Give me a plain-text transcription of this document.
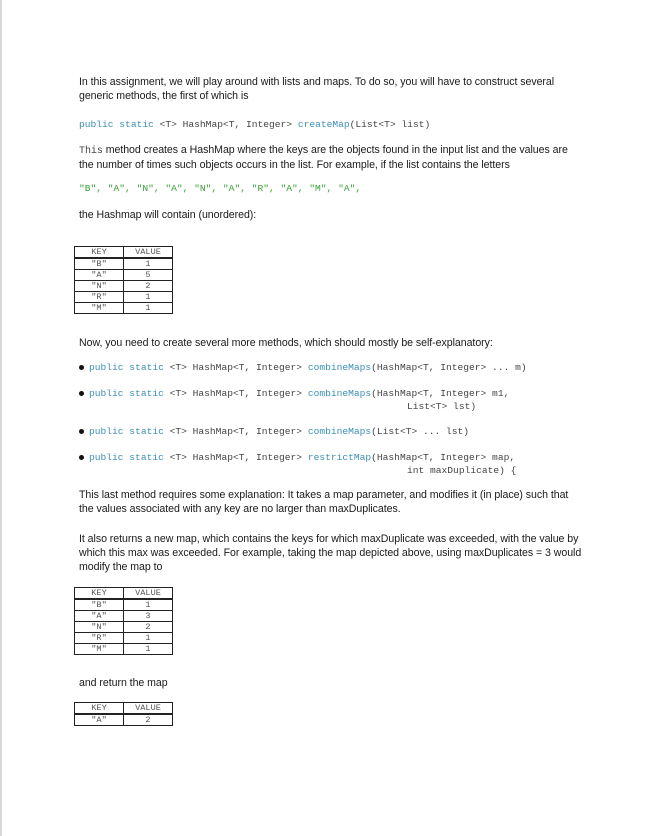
In this assignment, we will play around with lists and maps. To do so, you will have to construct several generic methods, the first of which is
public static <T> HashMap<T, Integer> createMap(List<T> list)
This method creates a HashMap where the keys are the objects found in the input list and the values are the number of times such objects occurs in the list. For example, if the list contains the letters
"B", "A", "N", "A", "N", "A", "R", "A", "M", "A",
the Hashmap will contain (unordered):
KEY	VALUE
"B"	1
"A"	5
"N"	2
"R"	1
"M"	1
Now, you need to create several more methods, which should mostly be self-explanatory:
public static <T> HashMap<T, Integer> combineMaps(HashMap<T, Integer> ... m)
public static <T> HashMap<T, Integer> combineMaps(HashMap<T, Integer> m1,
List<T> lst)
public static <T> HashMap<T, Integer> combineMaps(List<T> ... lst)
public static <T> HashMap<T, Integer> restrictMap(HashMap<T, Integer> map,
int maxDuplicate) {
This last method requires some explanation: It takes a map parameter, and modifies it (in place) such that the values associated with any key are no larger than maxDuplicates.
It also returns a new map, which contains the keys for which maxDuplicate was exceeded, with the value by which this max was exceeded. For example, taking the map depicted above, using maxDuplicates = 3 would modify the map to
KEY	VALUE
"B"	1
"A"	3
"N"	2
"R"	1
"M"	1
and return the map
KEY	VALUE
"A"	2
